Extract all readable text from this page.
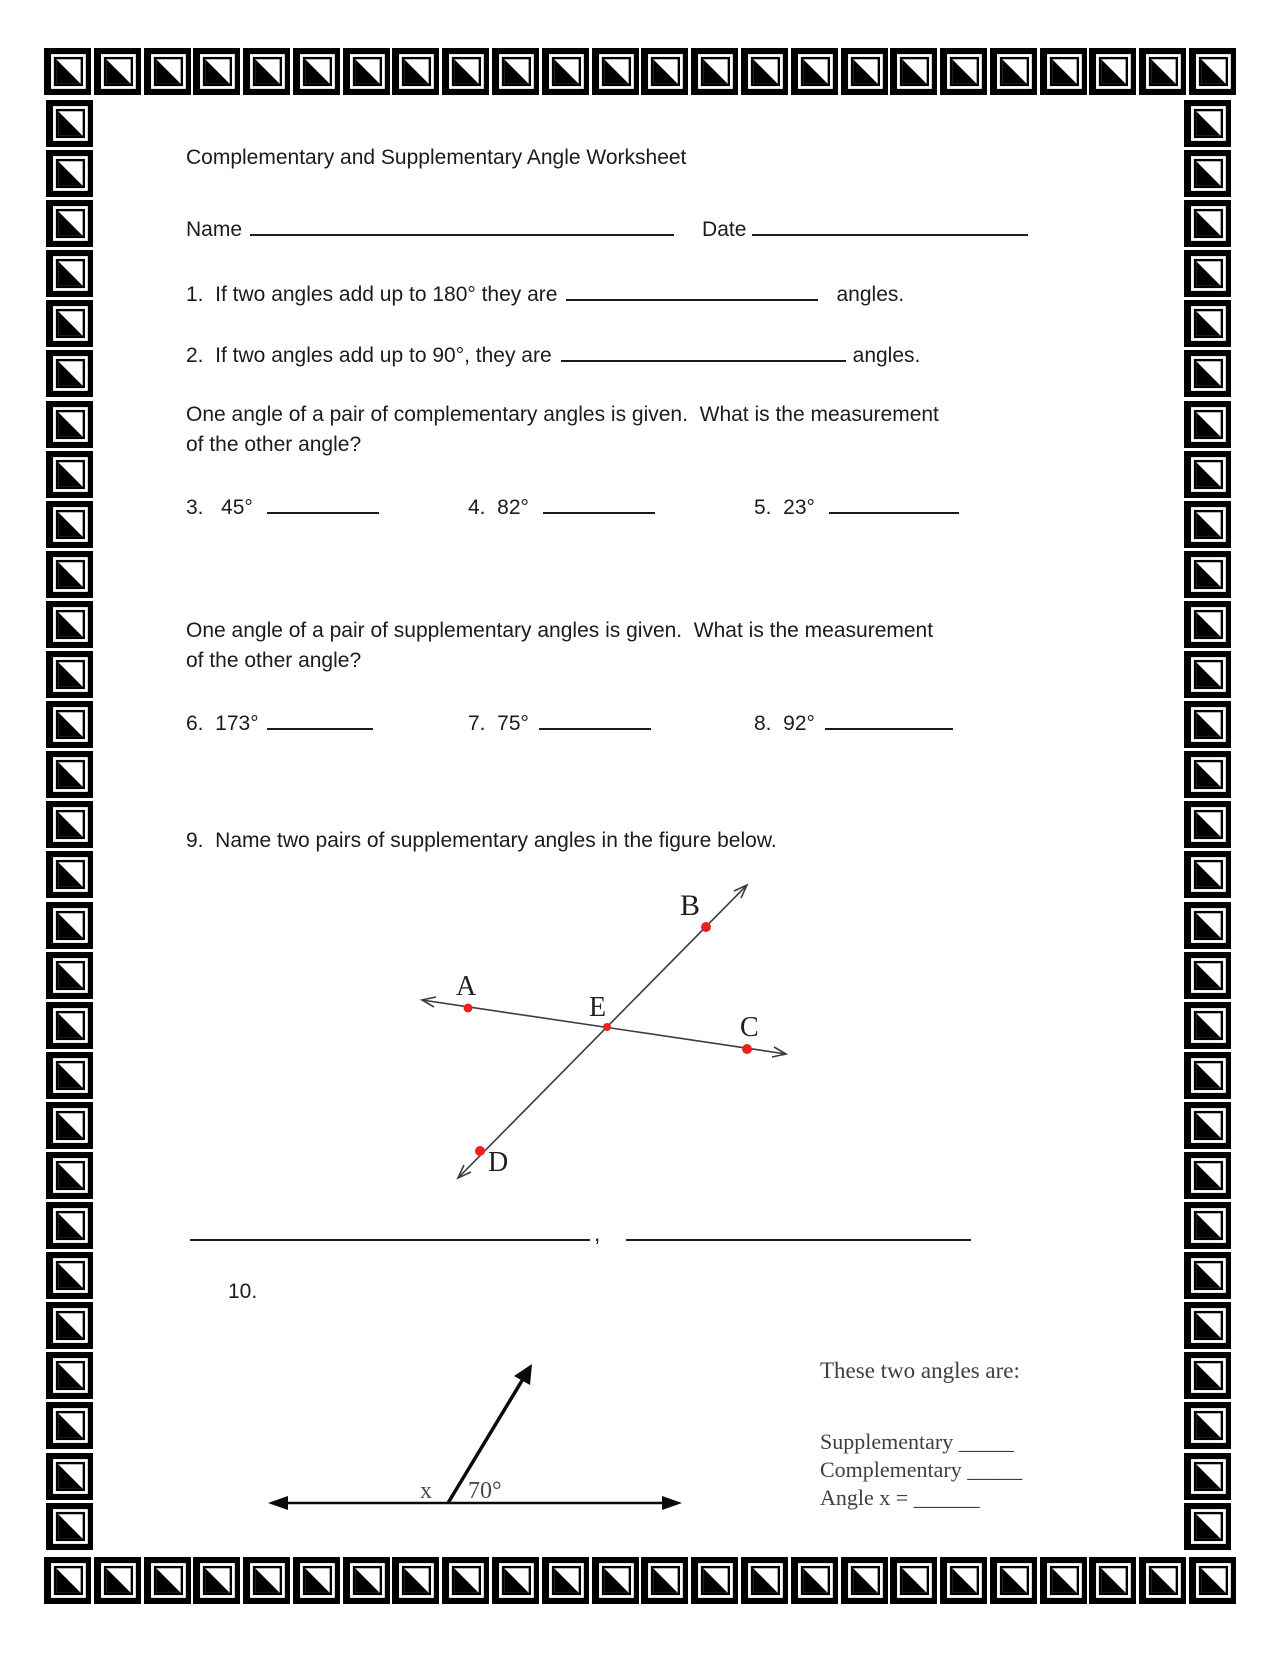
Complementary and Supplementary Angle Worksheet
Name	Date
1.  If two angles add up to 180° they are	angles.
2.  If two angles add up to 90°, they are	angles.
One angle of a pair of complementary angles is given.  What is the measurement
of the other angle?
3.   45°	4.  82°	5.  23°
One angle of a pair of supplementary angles is given.  What is the measurement
of the other angle?
6.  173°	7.  75°	8.  92°
9.  Name two pairs of supplementary angles in the figure below.
A
B
C
D
E
,
10.
x 70°
These two angles are:
Supplementary _____
Complementary _____
Angle x = ______
